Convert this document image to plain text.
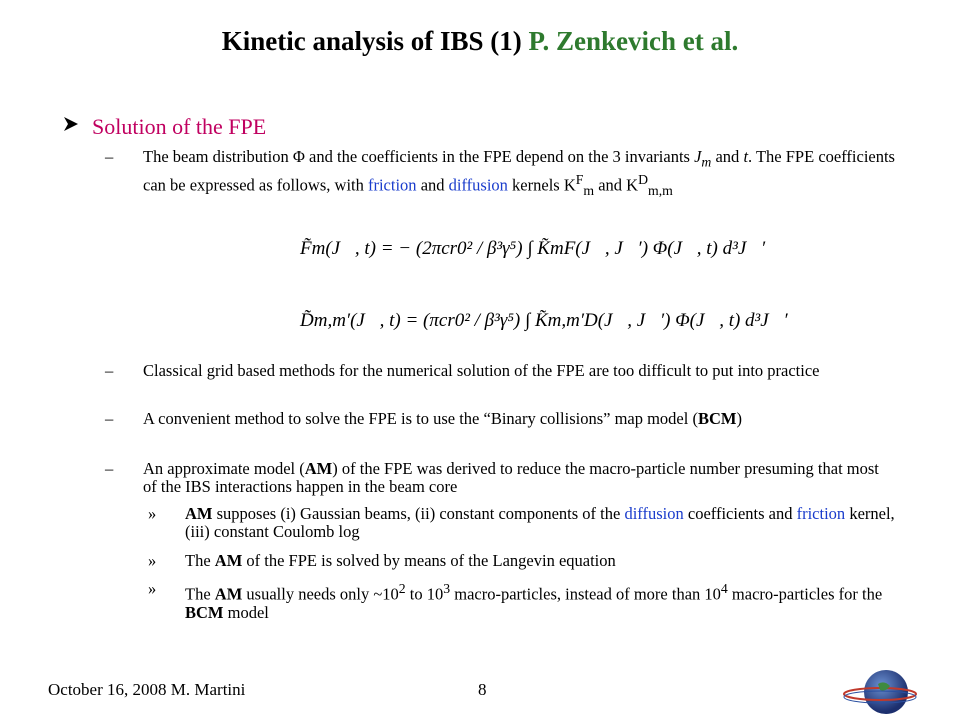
Kinetic analysis of IBS (1) P. Zenkevich et al.
Solution of the FPE
– The beam distribution Φ and the coefficients in the FPE depend on the 3 invariants $J_m$ and t. The FPE coefficients can be expressed as follows, with friction and diffusion kernels $K^F_m$ and $K^D_{m,m}$
F̃m(J⃗, t) = − (2πcr0² / β³γ⁵) ∫ K̃mF(J⃗, J⃗′) Φ(J⃗, t) d³J⃗′
D̃m,m′(J⃗, t) = (πcr0² / β³γ⁵) ∫ K̃m,m′D(J⃗, J⃗′) Φ(J⃗, t) d³J⃗′
– Classical grid based methods for the numerical solution of the FPE are too difficult to put into practice
– A convenient method to solve the FPE is to use the “Binary collisions” map model (BCM)
– An approximate model (AM) of the FPE was derived to reduce the macro-particle number presuming that most of the IBS interactions happen in the beam core
» AM supposes (i) Gaussian beams, (ii) constant components of the diffusion coefficients and friction kernel, (iii) constant Coulomb log
» The AM of the FPE is solved by means of the Langevin equation
» The AM usually needs only $\sim 10^2$ to $10^3$ macro-particles, instead of more than $10^4$ macro-particles for the BCM model
October 16, 2008 M. Martini	8
